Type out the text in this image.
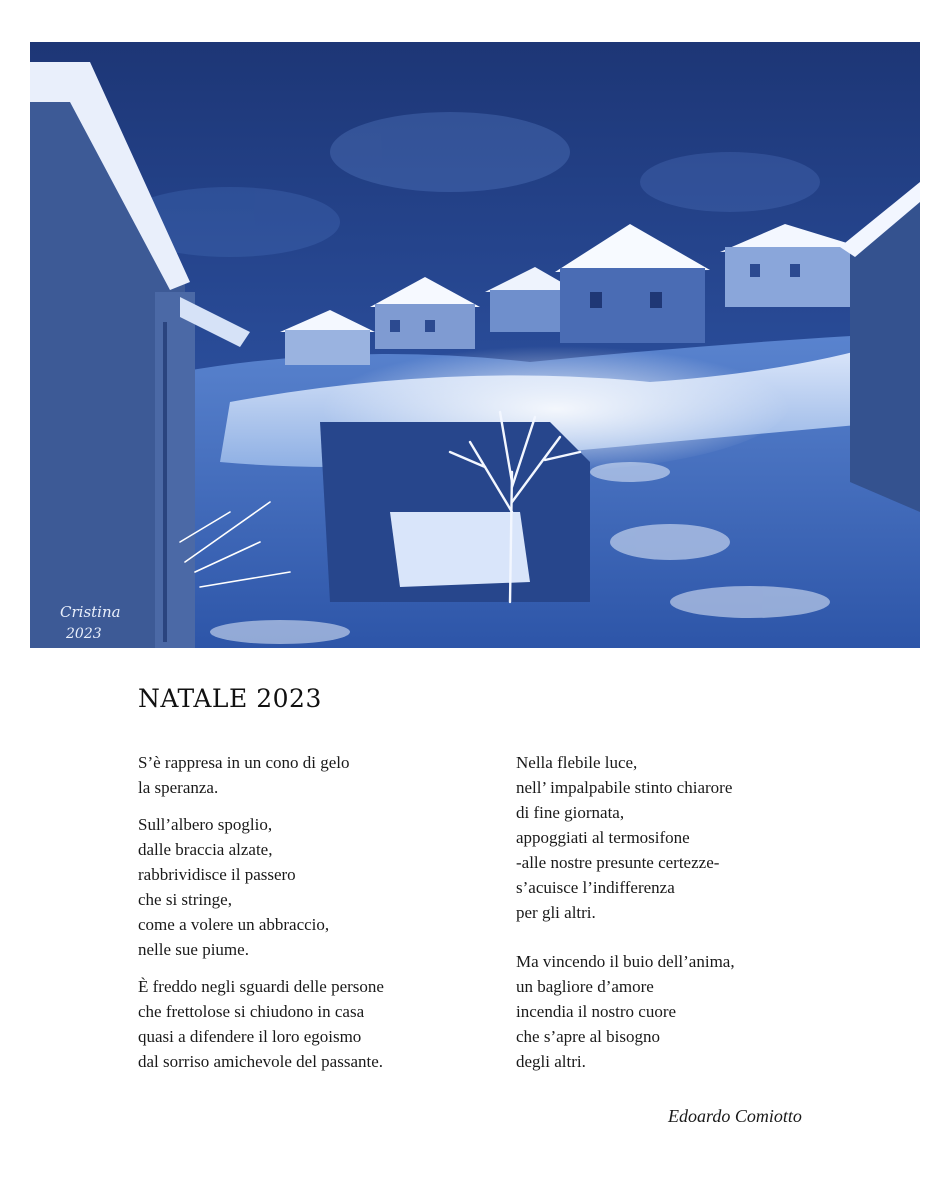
Cristina
2023
NATALE 2023

S’è rappresa in un cono di gelo
la speranza.

Sull’albero spoglio,
dalle braccia alzate,
rabbrividisce il passero
che si stringe,
come a volere un abbraccio,
nelle sue piume.

È freddo negli sguardi delle persone
che frettolose si chiudono in casa
quasi a difendere il loro egoismo
dal sorriso amichevole del passante.

Nella flebile luce,
nell’ impalpabile stinto chiarore
di fine giornata,
appoggiati al termosifone
-alle nostre presunte certezze-
s’acuisce l’indifferenza
per gli altri.

Ma vincendo il buio dell’anima,
un bagliore d’amore
incendia il nostro cuore
che s’apre al bisogno
degli altri.

Edoardo Comiotto
